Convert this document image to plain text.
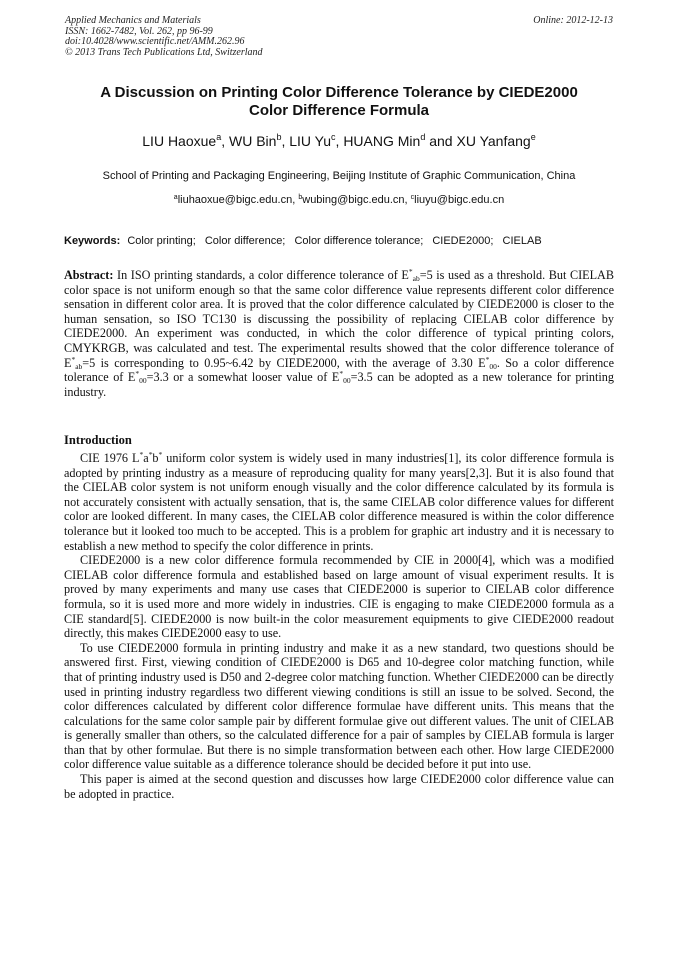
Applied Mechanics and Materials
ISSN: 1662-7482, Vol. 262, pp 96-99
doi:10.4028/www.scientific.net/AMM.262.96
© 2013 Trans Tech Publications Ltd, Switzerland
Online: 2012-12-13
A Discussion on Printing Color Difference Tolerance by CIEDE2000
Color Difference Formula
LIU Haoxue$^a$, WU Bin$^b$, LIU Yu$^c$, HUANG Min$^d$ and XU Yanfang$^e$
School of Printing and Packaging Engineering, Beijing Institute of Graphic Communication, China
$^a$liuhaoxue@bigc.edu.cn, $^b$wubing@bigc.edu.cn, $^c$liuyu@bigc.edu.cn
Keywords: Color printing; Color difference; Color difference tolerance; CIEDE2000; CIELAB
Abstract: In ISO printing standards, a color difference tolerance of $E^*_{ab}=5$ is used as a threshold. But CIELAB color space is not uniform enough so that the same color difference value represents different color difference sensation in different color area. It is proved that the color difference calculated by CIEDE2000 is closer to the human sensation, so ISO TC130 is discussing the possibility of replacing CIELAB color difference by CIEDE2000. An experiment was conducted, in which the color difference of typical printing colors, CMYKRGB, was calculated and test. The experimental results showed that the color difference tolerance of $E^*_{ab}=5$ is corresponding to 0.95~6.42 by CIEDE2000, with the average of 3.30 $E^*_{00}$. So a color difference tolerance of $E^*_{00}=3.3$ or a somewhat looser value of $E^*_{00}=3.5$ can be adopted as a new tolerance for printing industry.
Introduction

CIE 1976 L*a*b* uniform color system is widely used in many industries[1], its color difference formula is adopted by printing industry as a measure of reproducing quality for many years[2,3]. But it is also found that the CIELAB color system is not uniform enough visually and the color difference calculated by its formula is not accurately consistent with actually sensation, that is, the same CIELAB color difference values for different color are looked different. In many cases, the CIELAB color difference measured is within the color difference tolerance but it looked too much to be accepted. This is a problem for graphic art industry and it is necessary to establish a new method to specify the color difference in prints.

CIEDE2000 is a new color difference formula recommended by CIE in 2000[4], which was a modified CIELAB color difference formula and established based on large amount of visual experiment results. It is proved by many experiments and many use cases that CIEDE2000 is superior to CIELAB color difference formula, so it is used more and more widely in industries. CIE is engaging to make CIEDE2000 formula as a CIE standard[5]. CIEDE2000 is now built-in the color measurement equipments to give CIEDE2000 readout directly, this makes CIEDE2000 easy to use.

To use CIEDE2000 formula in printing industry and make it as a new standard, two questions should be answered first. First, viewing condition of CIEDE2000 is D65 and 10-degree color matching function, while that of printing industry used is D50 and 2-degree color matching function. Whether CIEDE2000 can be directly used in printing industry regardless two different viewing conditions is still an issue to be solved. Second, the color differences calculated by different color difference formulae have different units. This means that the calculations for the same color sample pair by different formulae give out different values. The unit of CIELAB is generally smaller than others, so the calculated difference for a pair of samples by CIELAB formula is larger than that by other formulae. But there is no simple transformation between each other. How large CIEDE2000 color difference value suitable as a difference tolerance should be decided before it put into use.

This paper is aimed at the second question and discusses how large CIEDE2000 color difference value can be adopted in practice.
